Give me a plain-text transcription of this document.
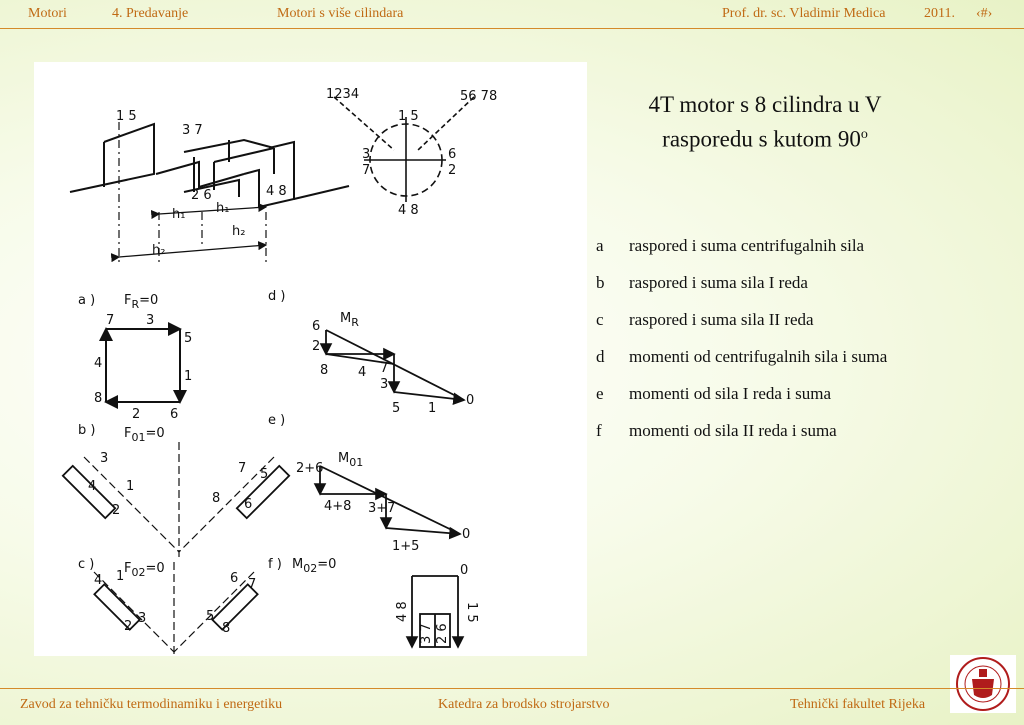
Motori	4. Predavanje	Motori s više cilindara	Prof. dr. sc. Vladimir Medica	2011. ‹#›
1 5
3 7
2 6	4 8
h₁ h₁
h₂
h₂
1234	56 78
1 5
3
7
6
2
4 8
a ) $F_R=0$
7 3
5
4
1
8
2 6
b ) $F_{01}=0$
3
4 1
2
7 5
8 6
c ) $F_{02}=0$
4 1
3
2
6 7
5
8
d )
$M_R$
6
2
8 4 7
3
5 1
0
e )
$M_{01}$
2+6
4+8 3+7
1+5
0
f ) $M_{02}=0$	0
4 8	1 5
3 7 2 6
4T motor s 8 cilindra u V
rasporedu s kutom 90$^o$
a raspored i suma centrifugalnih sila
b raspored i suma sila I reda
c raspored i suma sila II reda
d momenti od centrifugalnih sila i suma
e momenti od sila I reda i suma
f momenti od sila II reda i suma
Zavod za tehničku termodinamiku i energetiku	Katedra za brodsko strojarstvo	Tehnički fakultet Rijeka
